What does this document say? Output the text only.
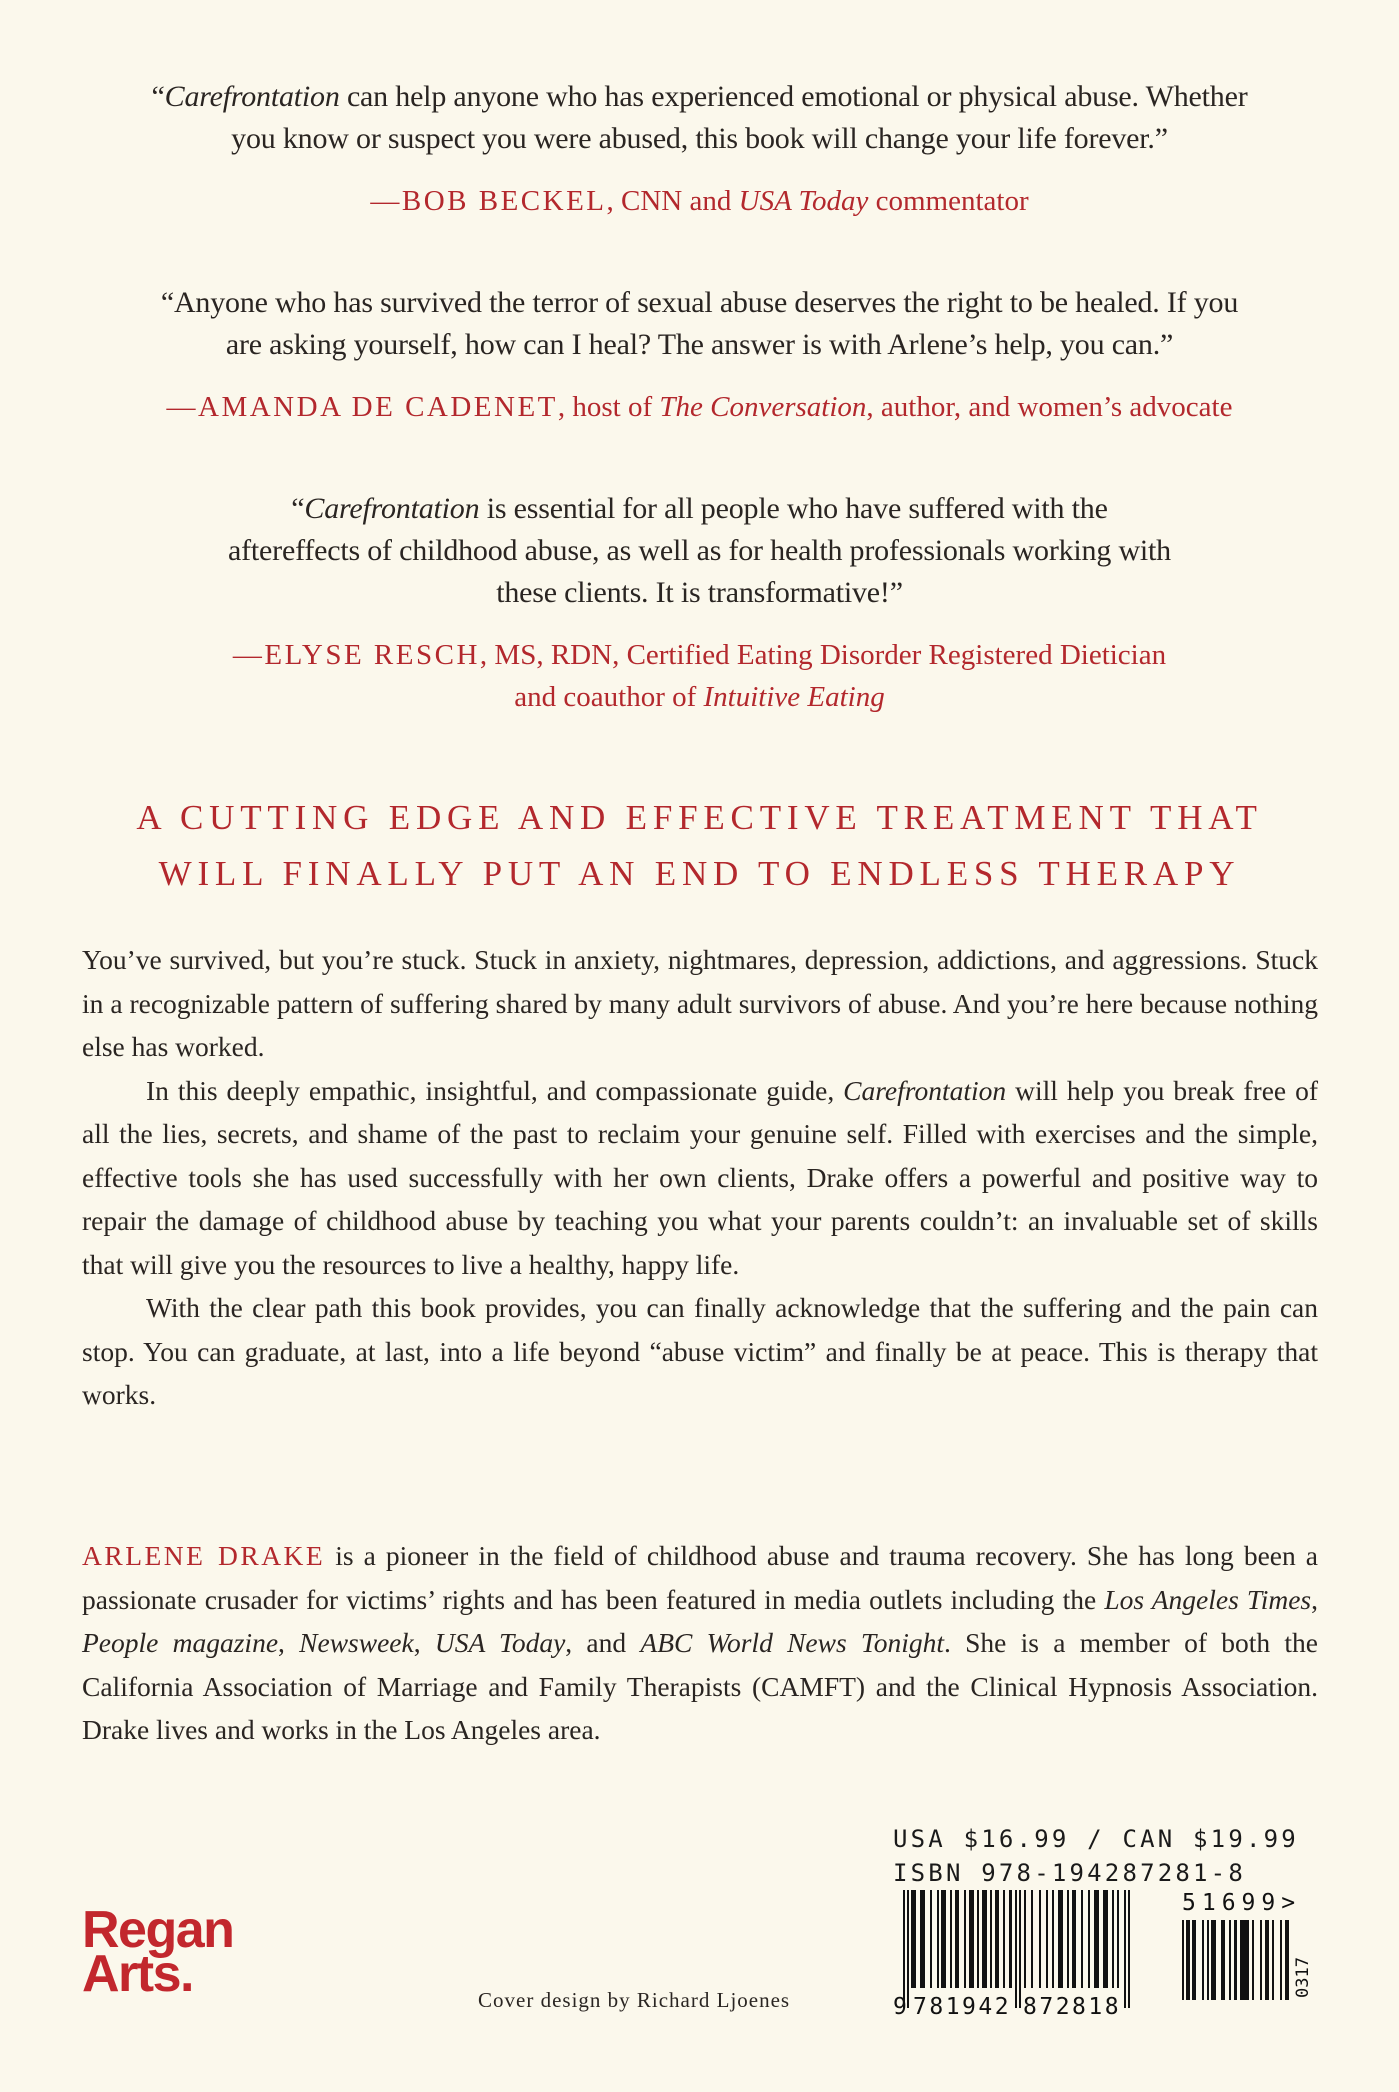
“Carefrontation can help anyone who has experienced emotional or physical abuse. Whether
you know or suspect you were abused, this book will change your life forever.”

—BOB BECKEL, CNN and USA Today commentator

“Anyone who has survived the terror of sexual abuse deserves the right to be healed. If you
are asking yourself, how can I heal? The answer is with Arlene’s help, you can.”

—AMANDA DE CADENET, host of The Conversation, author, and women’s advocate

“Carefrontation is essential for all people who have suffered with the
aftereffects of childhood abuse, as well as for health professionals working with
these clients. It is transformative!”

—ELYSE RESCH, MS, RDN, Certified Eating Disorder Registered Dietician
and coauthor of Intuitive Eating

A CUTTING EDGE AND EFFECTIVE TREATMENT THAT
WILL FINALLY PUT AN END TO ENDLESS THERAPY

You’ve survived, but you’re stuck. Stuck in anxiety, nightmares, depression, addictions, and aggressions. Stuck in a recognizable pattern of suffering shared by many adult survivors of abuse. And you’re here because nothing else has worked.

In this deeply empathic, insightful, and compassionate guide, Carefrontation will help you break free of all the lies, secrets, and shame of the past to reclaim your genuine self. Filled with exercises and the simple, effective tools she has used successfully with her own clients, Drake offers a powerful and positive way to repair the damage of childhood abuse by teaching you what your parents couldn’t: an invaluable set of skills that will give you the resources to live a healthy, happy life.

With the clear path this book provides, you can finally acknowledge that the suffering and the pain can stop. You can graduate, at last, into a life beyond “abuse victim” and finally be at peace. This is therapy that works.

ARLENE DRAKE is a pioneer in the field of childhood abuse and trauma recovery. She has long been a passionate crusader for victims’ rights and has been featured in media outlets including the Los Angeles Times, People magazine, Newsweek, USA Today, and ABC World News Tonight. She is a member of both the California Association of Marriage and Family Therapists (CAMFT) and the Clinical Hypnosis Association. Drake lives and works in the Los Angeles area.

USA $16.99 / CAN $19.99
ISBN 978-194287281-8
9 781942 872818
51699>
0317
Regan
Arts.	Cover design by Richard Ljoenes
